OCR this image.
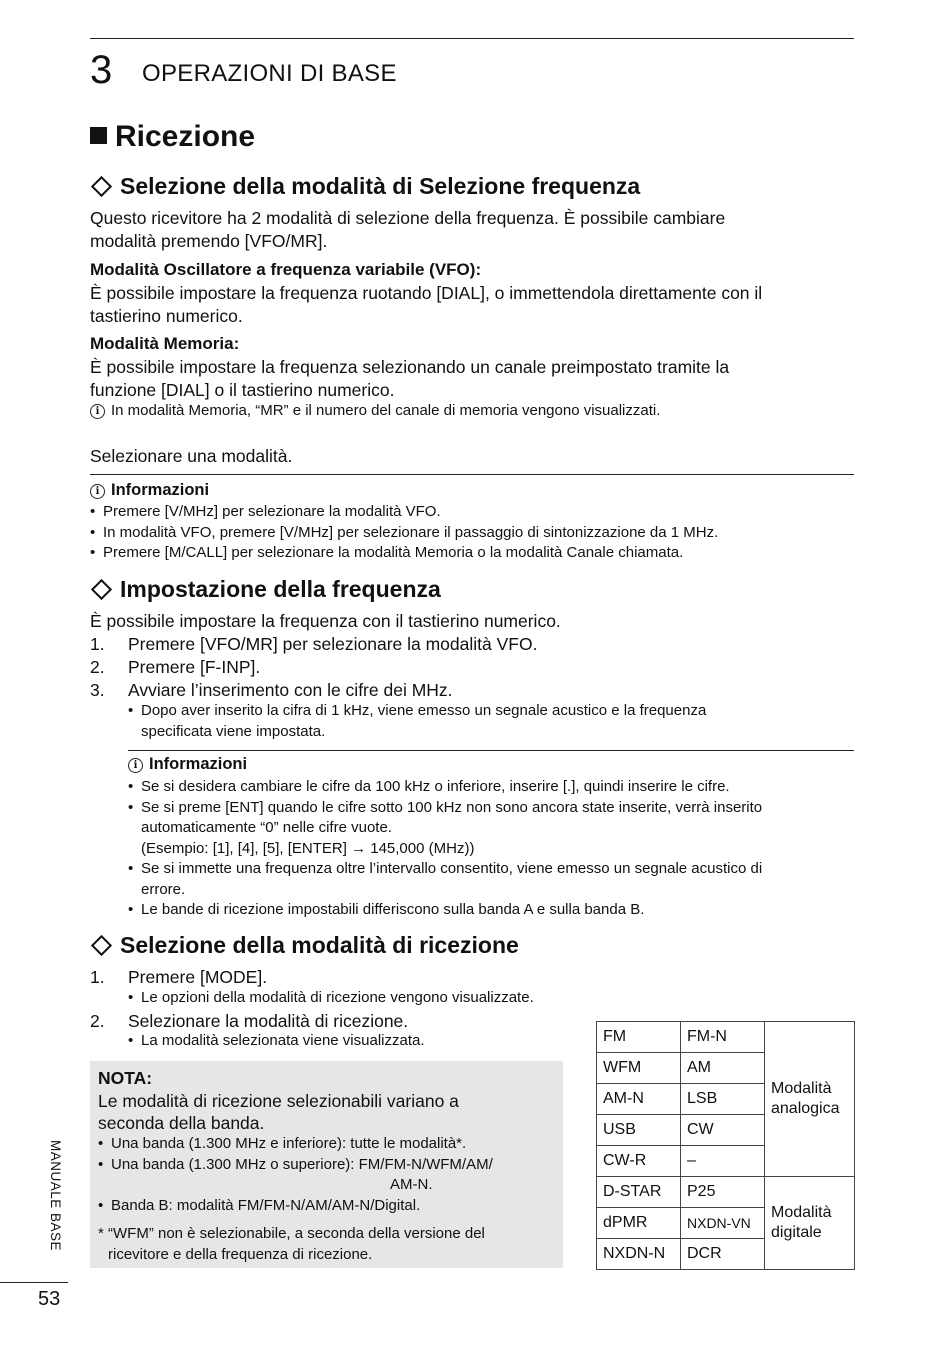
3 OPERAZIONI DI BASE
Ricezione
Selezione della modalità di Selezione frequenza
Questo ricevitore ha 2 modalità di selezione della frequenza. È possibile cambiare
modalità premendo [VFO/MR].
Modalità Oscillatore a frequenza variabile (VFO):
È possibile impostare la frequenza ruotando [DIAL], o immettendola direttamente con il
tastierino numerico.
Modalità Memoria:
È possibile impostare la frequenza selezionando un canale preimpostato tramite la
funzione [DIAL] o il tastierino numerico.
i In modalità Memoria, “MR” e il numero del canale di memoria vengono visualizzati.
Selezionare una modalità.
i Informazioni
• Premere [V/MHz] per selezionare la modalità VFO.
• In modalità VFO, premere [V/MHz] per selezionare il passaggio di sintonizzazione da 1 MHz.
• Premere [M/CALL] per selezionare la modalità Memoria o la modalità Canale chiamata.
Impostazione della frequenza
È possibile impostare la frequenza con il tastierino numerico.
1. Premere [VFO/MR] per selezionare la modalità VFO.
2. Premere [F-INP].
3. Avviare l’inserimento con le cifre dei MHz.
• Dopo aver inserito la cifra di 1 kHz, viene emesso un segnale acustico e la frequenza
specificata viene impostata.
i Informazioni
• Se si desidera cambiare le cifre da 100 kHz o inferiore, inserire [.], quindi inserire le cifre.
• Se si preme [ENT] quando le cifre sotto 100 kHz non sono ancora state inserite, verrà inserito
automaticamente “0” nelle cifre vuote.
(Esempio: [1], [4], [5], [ENTER] → 145,000 (MHz))
• Se si immette una frequenza oltre l’intervallo consentito, viene emesso un segnale acustico di
errore.
• Le bande di ricezione impostabili differiscono sulla banda A e sulla banda B.
Selezione della modalità di ricezione
1. Premere [MODE].
• Le opzioni della modalità di ricezione vengono visualizzate.
2. Selezionare la modalità di ricezione.
• La modalità selezionata viene visualizzata.
NOTA:
Le modalità di ricezione selezionabili variano a
seconda della banda.
• Una banda (1.300 MHz e inferiore): tutte le modalità*.
• Una banda (1.300 MHz o superiore): FM/FM-N/WFM/AM/
AM-N.
• Banda B: modalità FM/FM-N/AM/AM-N/Digital.
* “WFM” non è selezionabile, a seconda della versione del
ricevitore e della frequenza di ricezione.
FM	FM-N	Modalità
analogica

WFM	AM	
AM-N	LSB	
USB	CW	
CW-R	–	
D-STAR	P25	Modalità
digitale

dPMR	NXDN-VN	
NXDN-N	DCR	
MANUALE BASE
53
